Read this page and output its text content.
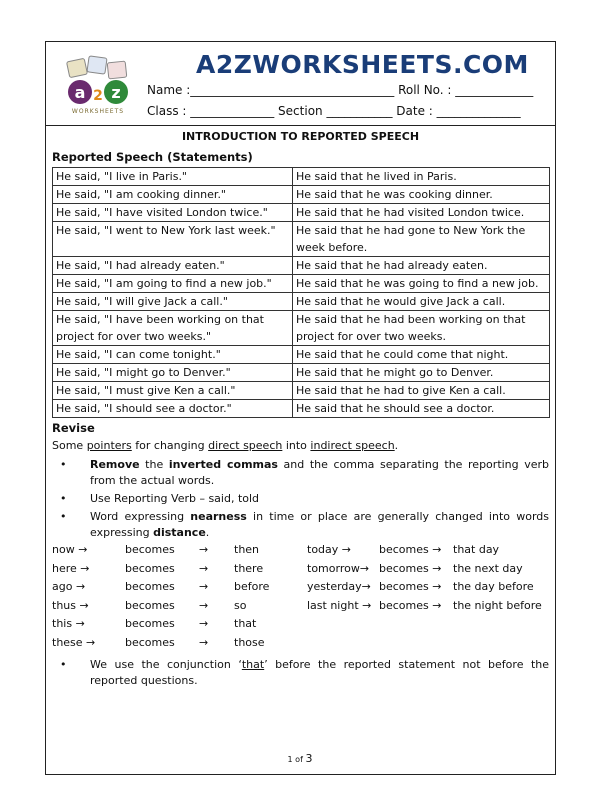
a 2 z
WORKSHEETS
A2ZWORKSHEETS.COM
Name :__________________________________ Roll No. : _____________
Class : ______________ Section ___________ Date : ______________
INTRODUCTION TO REPORTED SPEECH
Reported Speech (Statements)
He said, "I live in Paris."	He said that he lived in Paris.
He said, "I am cooking dinner."	He said that he was cooking dinner.
He said, "I have visited London twice."	He said that he had visited London twice.
He said, "I went to New York last week."	He said that he had gone to New York the week before.
He said, "I had already eaten."	He said that he had already eaten.
He said, "I am going to find a new job."	He said that he was going to find a new job.
He said, "I will give Jack a call."	He said that he would give Jack a call.
He said, "I have been working on that project for over two weeks."	He said that he had been working on that project for over two weeks.
He said, "I can come tonight."	He said that he could come that night.
He said, "I might go to Denver."	He said that he might go to Denver.
He said, "I must give Ken a call."	He said that he had to give Ken a call.
He said, "I should see a doctor."	He said that he should see a doctor.
Revise
Some pointers for changing direct speech into indirect speech.
• Remove the inverted commas and the comma separating the reporting verb from the actual words.
• Use Reporting Verb – said, told
• Word expressing nearness in time or place are generally changed into words expressing distance.
now →	becomes → then	today →	becomes → that day
here →	becomes → there	tomorrow→ becomes → the next day
ago →	becomes → before	yesterday→ becomes → the day before
thus →	becomes → so	last night → becomes → the night before
this →	becomes → that
these →	becomes → those
• We use the conjunction ‘that’ before the reported statement not before the reported questions.
1 of 3
